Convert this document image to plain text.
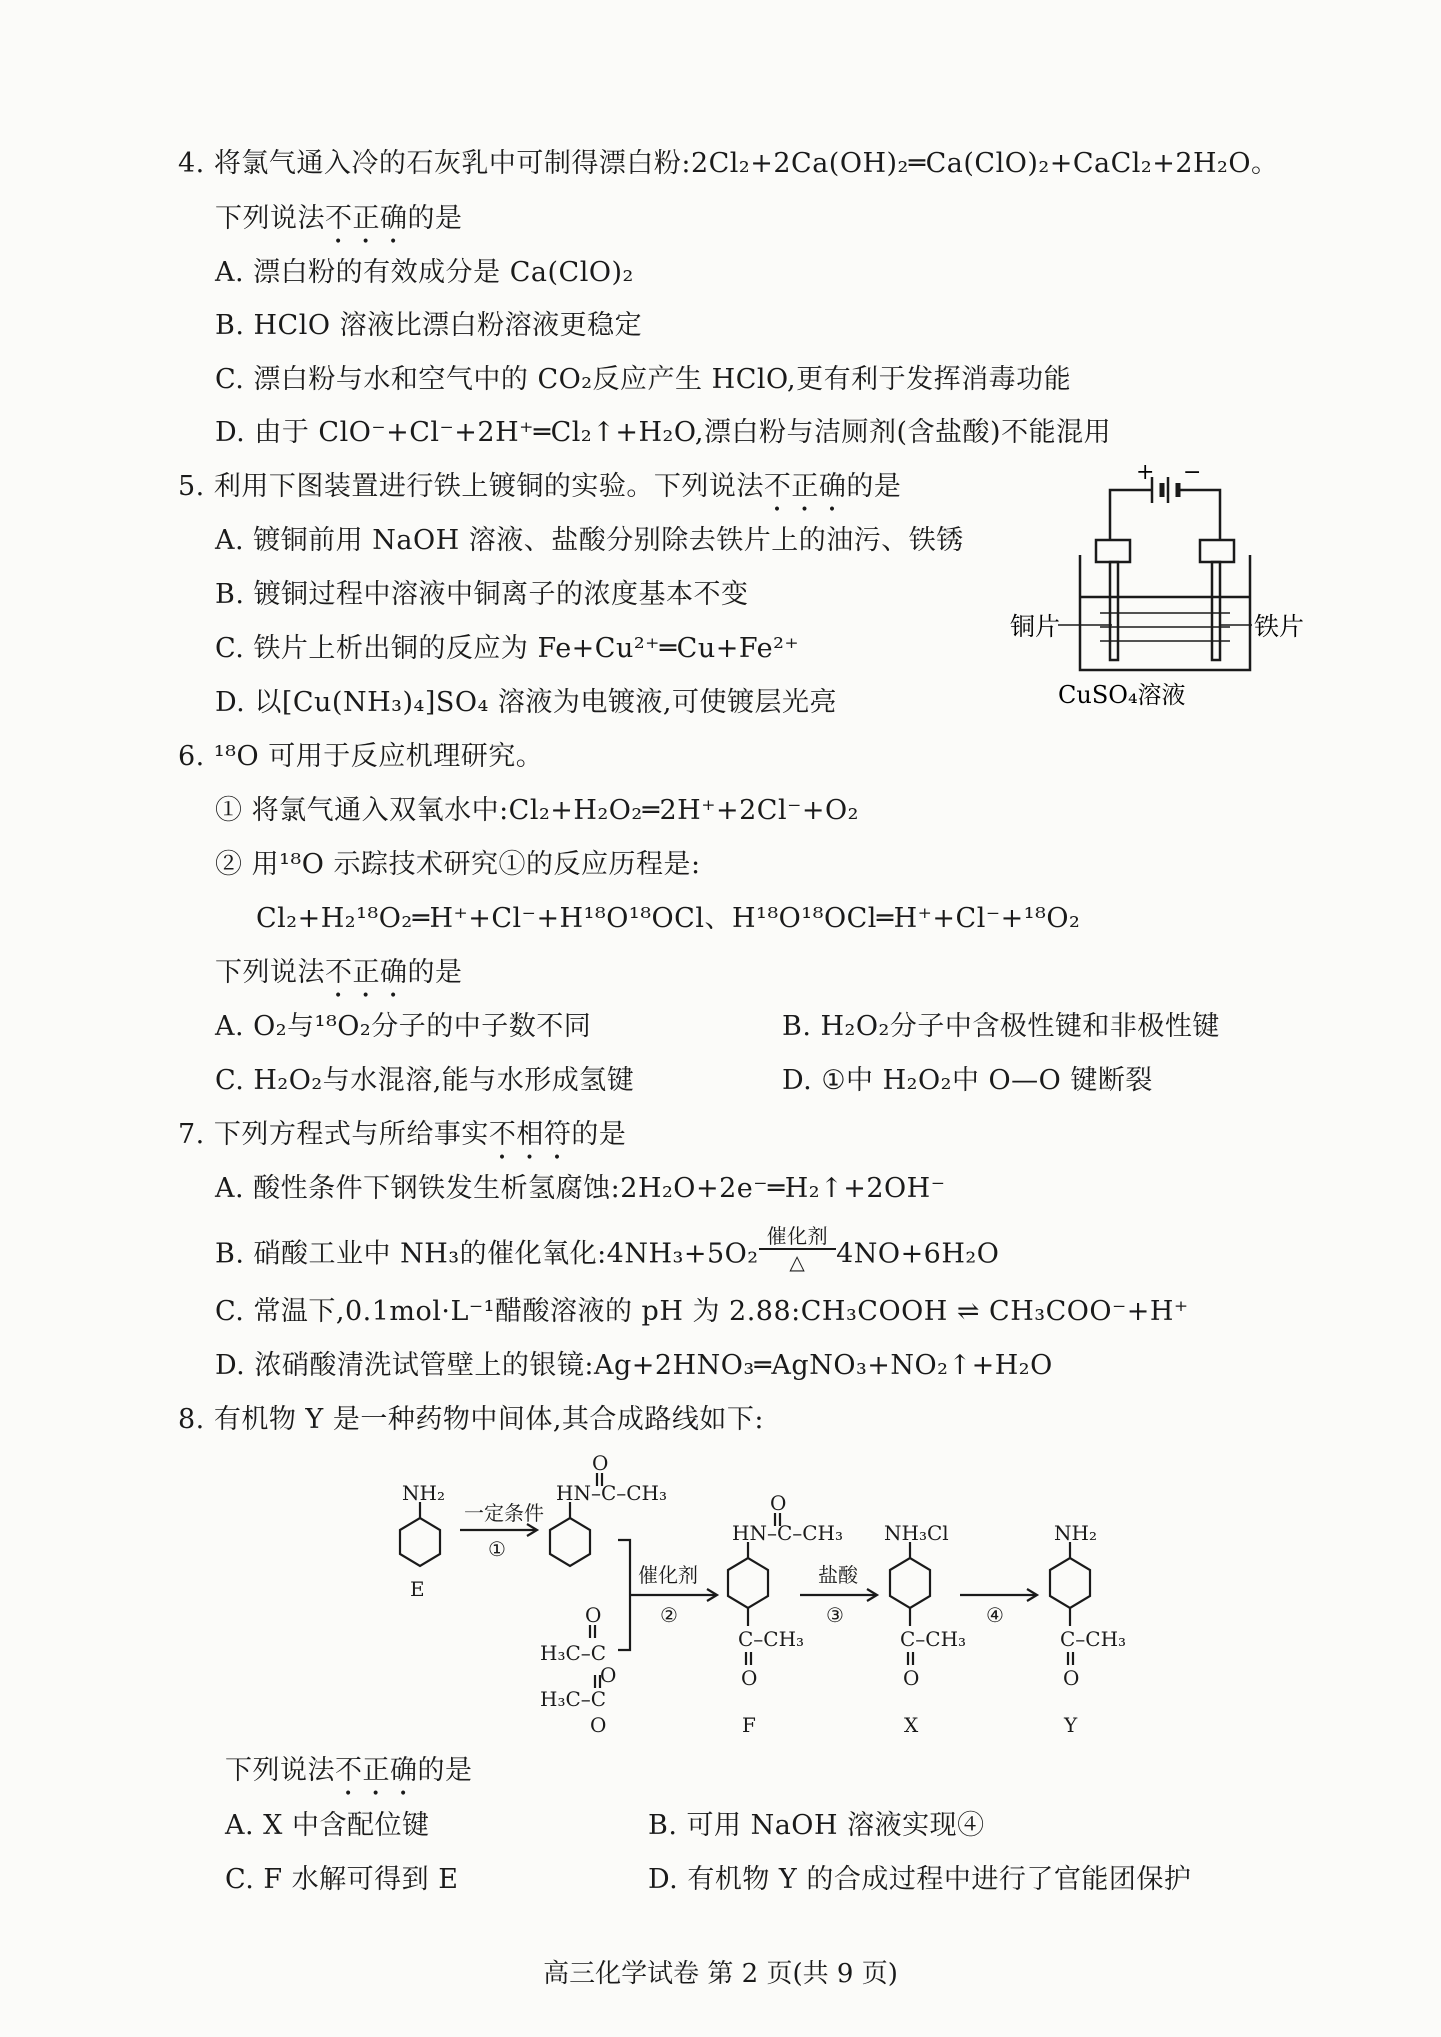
4. 将氯气通入冷的石灰乳中可制得漂白粉:2Cl₂+2Ca(OH)₂═Ca(ClO)₂+CaCl₂+2H₂O。
下列说法不正确的是
A. 漂白粉的有效成分是 Ca(ClO)₂
B. HClO 溶液比漂白粉溶液更稳定
C. 漂白粉与水和空气中的 CO₂反应产生 HClO,更有利于发挥消毒功能
D. 由于 ClO⁻+Cl⁻+2H⁺═Cl₂↑+H₂O,漂白粉与洁厕剂(含盐酸)不能混用
5. 利用下图装置进行铁上镀铜的实验。下列说法不正确的是
A. 镀铜前用 NaOH 溶液、盐酸分别除去铁片上的油污、铁锈
B. 镀铜过程中溶液中铜离子的浓度基本不变
C. 铁片上析出铜的反应为 Fe+Cu²⁺═Cu+Fe²⁺
D. 以[Cu(NH₃)₄]SO₄ 溶液为电镀液,可使镀层光亮
+ −
铜片	铁片
CuSO₄溶液
6. ¹⁸O 可用于反应机理研究。
① 将氯气通入双氧水中:Cl₂+H₂O₂═2H⁺+2Cl⁻+O₂
② 用¹⁸O 示踪技术研究①的反应历程是:
Cl₂+H₂¹⁸O₂═H⁺+Cl⁻+H¹⁸O¹⁸OCl、H¹⁸O¹⁸OCl═H⁺+Cl⁻+¹⁸O₂
下列说法不正确的是
A. O₂与¹⁸O₂分子的中子数不同	B. H₂O₂分子中含极性键和非极性键
C. H₂O₂与水混溶,能与水形成氢键	D. ①中 H₂O₂中 O—O 键断裂
7. 下列方程式与所给事实不相符的是
A. 酸性条件下钢铁发生析氢腐蚀:2H₂O+2e⁻═H₂↑+2OH⁻
B. 硝酸工业中 NH₃的催化氧化:4NH₃+5O₂ $\frac{\text{催化剂}}{\triangle} 4NO+6H_2O$
C. 常温下,0.1mol·L⁻¹醋酸溶液的 pH 为 2.88:CH₃COOH ⇌ CH₃COO⁻+H⁺
D. 浓硝酸清洗试管壁上的银镜:Ag+2HNO₃═AgNO₃+NO₂↑+H₂O
8. 有机物 Y 是一种药物中间体,其合成路线如下:
NH₂
E
一定条件
①
O
HN–C–CH₃
O
H₃C–C
O
H₃C–C
O
催化剂
②
O
HN–C–CH₃
C–CH₃
O
F
盐酸
③
NH₃Cl
C–CH₃
O
X
④
NH₂
C–CH₃
O
Y
下列说法不正确的是
A. X 中含配位键	B. 可用 NaOH 溶液实现④
C. F 水解可得到 E	D. 有机物 Y 的合成过程中进行了官能团保护
高三化学试卷 第 2 页(共 9 页)
